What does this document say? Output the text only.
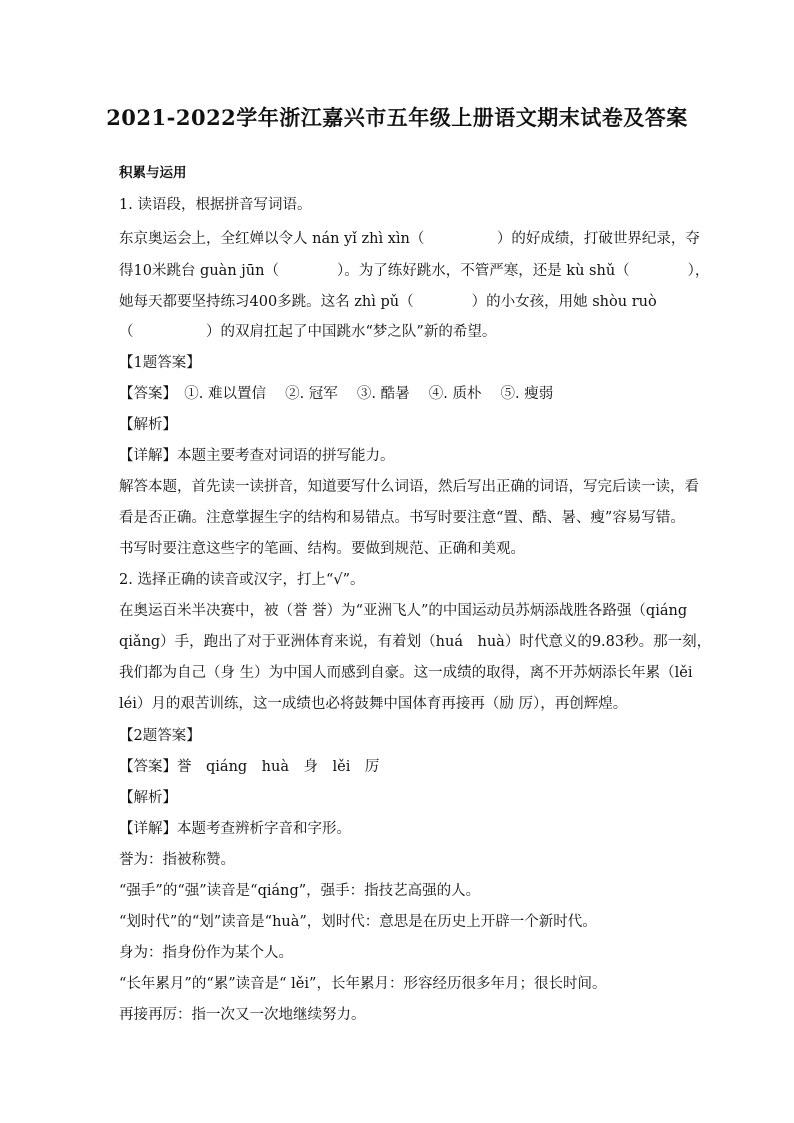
2021-2022学年浙江嘉兴市五年级上册语文期末试卷及答案
积累与运用
1. 读语段，根据拼音写词语。
东京奥运会上，全红婵以令人 nán yǐ zhì xìn（　　　　　）的好成绩，打破世界纪录，夺
得10米跳台 guàn jūn（　　　　）。为了练好跳水，不管严寒，还是 kù shǔ（　　　　），
她每天都要坚持练习400多跳。这名 zhì pǔ（　　　　）的小女孩，用她 shòu ruò
（　　　　　）的双肩扛起了中国跳水“梦之队”新的希望。
【1题答案】
【答案】　①. 难以置信　 ②. 冠军　 ③. 酷暑　 ④. 质朴　 ⑤. 瘦弱
【解析】
【详解】本题主要考查对词语的拼写能力。
解答本题，首先读一读拼音，知道要写什么词语，然后写出正确的词语，写完后读一读，看
看是否正确。注意掌握生字的结构和易错点。书写时要注意“置、酷、暑、瘦”容易写错。
书写时要注意这些字的笔画、结构。要做到规范、正确和美观。
2. 选择正确的读音或汉字，打上“√”。
在奥运百米半决赛中，被（誉 誉）为“亚洲飞人”的中国运动员苏炳添战胜各路强（qiáng
qiǎng）手，跑出了对于亚洲体育来说，有着划（huá　huà）时代意义的9.83秒。那一刻，
我们都为自己（身 生）为中国人而感到自豪。这一成绩的取得，离不开苏炳添长年累（lěi
léi）月的艰苦训练，这一成绩也必将鼓舞中国体育再接再（励 厉），再创辉煌。
【2题答案】
【答案】誉　qiáng　huà　身　lěi　厉
【解析】
【详解】本题考查辨析字音和字形。
誉为：指被称赞。
“强手”的“强”读音是“qiáng”，强手：指技艺高强的人。
“划时代”的“划”读音是“huà”，划时代：意思是在历史上开辟一个新时代。
身为：指身份作为某个人。
“长年累月”的“累”读音是“ lěi”，长年累月：形容经历很多年月；很长时间。
再接再厉：指一次又一次地继续努力。
